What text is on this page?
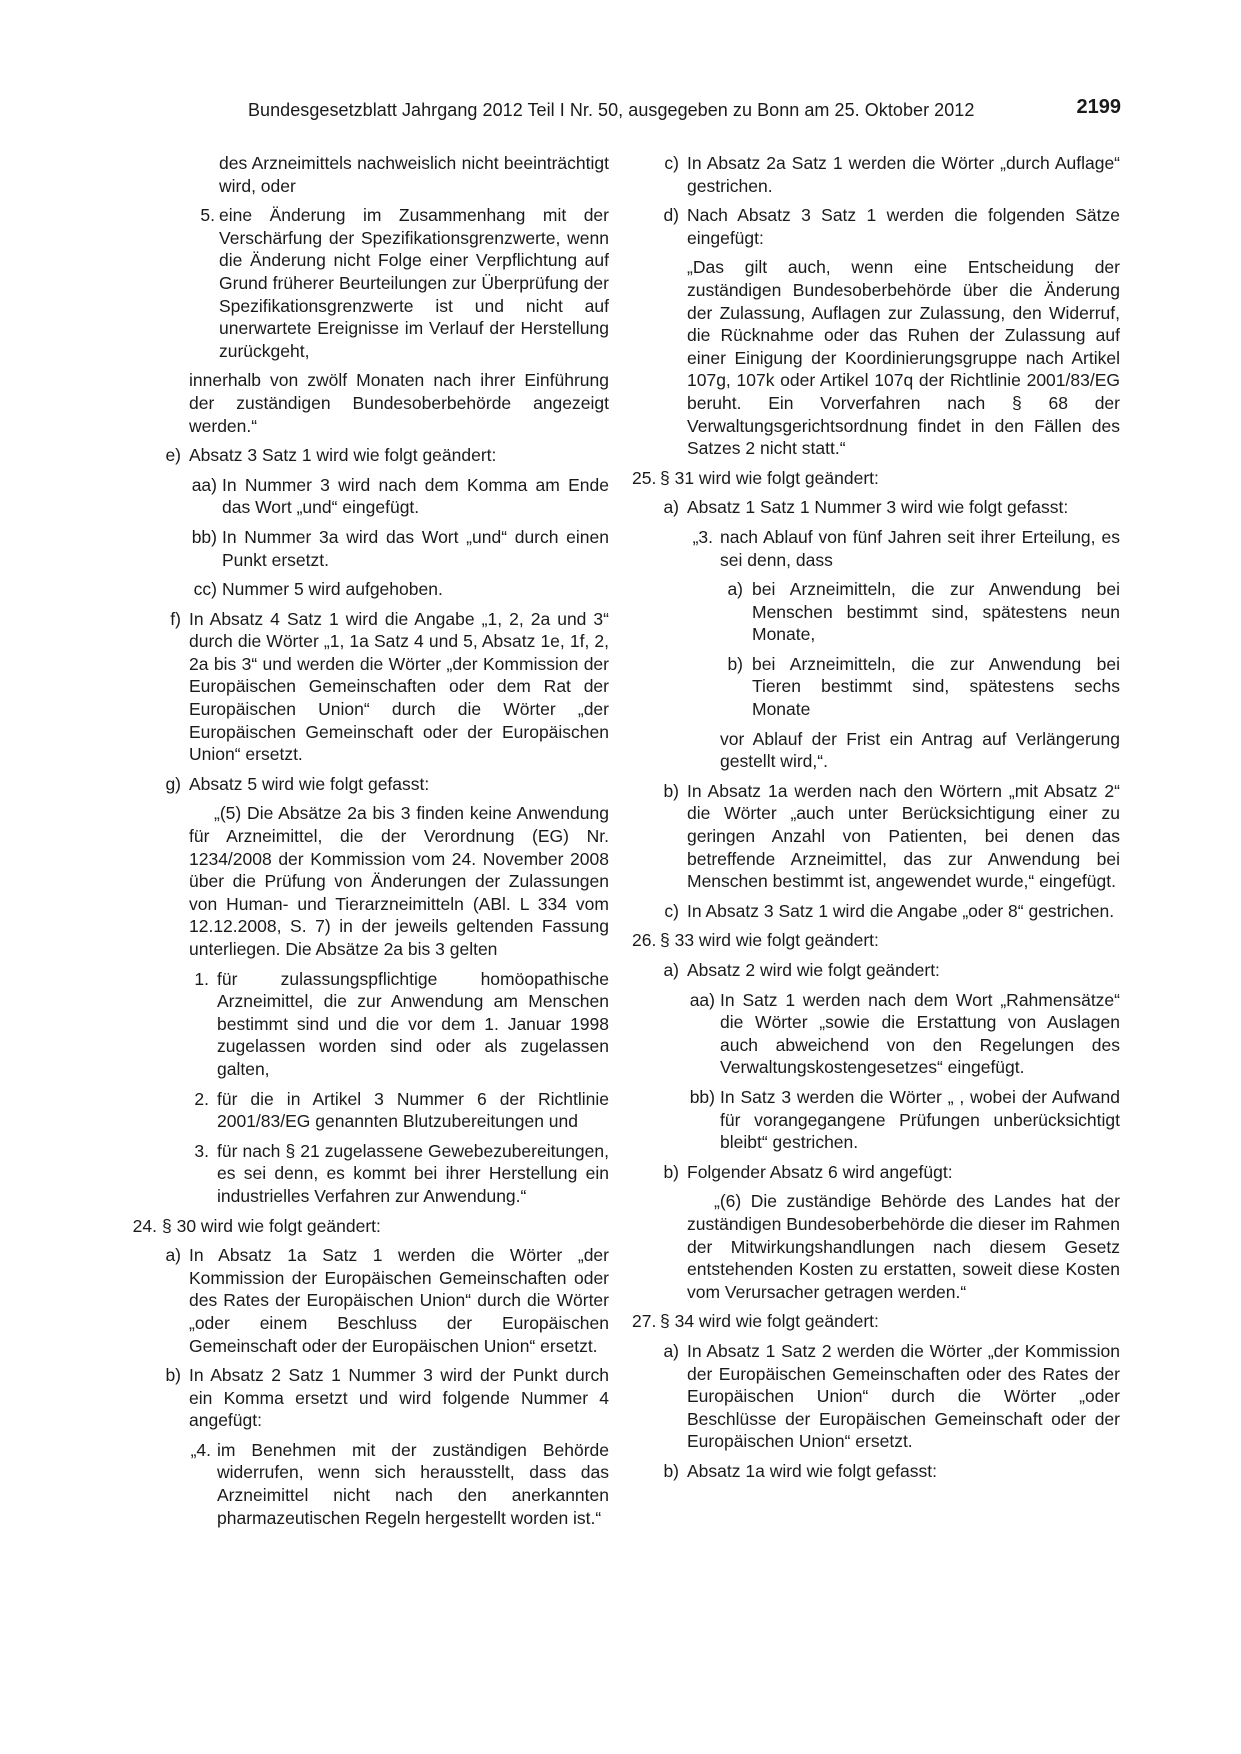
Bundesgesetzblatt Jahrgang 2012 Teil I Nr. 50, ausgegeben zu Bonn am 25. Oktober 2012	2199
des Arzneimittels nachweislich nicht beeinträchtigt wird, oder
5. eine Änderung im Zusammenhang mit der Verschärfung der Spezifikationsgrenzwerte, wenn die Änderung nicht Folge einer Verpflichtung auf Grund früherer Beurteilungen zur Überprüfung der Spezifikationsgrenzwerte ist und nicht auf unerwartete Ereignisse im Verlauf der Herstellung zurückgeht,
innerhalb von zwölf Monaten nach ihrer Einführung der zuständigen Bundesoberbehörde angezeigt werden.“
e) Absatz 3 Satz 1 wird wie folgt geändert:
aa) In Nummer 3 wird nach dem Komma am Ende das Wort „und“ eingefügt.
bb) In Nummer 3a wird das Wort „und“ durch einen Punkt ersetzt.
cc) Nummer 5 wird aufgehoben.
f) In Absatz 4 Satz 1 wird die Angabe „1, 2, 2a und 3“ durch die Wörter „1, 1a Satz 4 und 5, Absatz 1e, 1f, 2, 2a bis 3“ und werden die Wörter „der Kommission der Europäischen Gemeinschaften oder dem Rat der Europäischen Union“ durch die Wörter „der Europäischen Gemeinschaft oder der Europäischen Union“ ersetzt.
g) Absatz 5 wird wie folgt gefasst:
„(5) Die Absätze 2a bis 3 finden keine Anwendung für Arzneimittel, die der Verordnung (EG) Nr. 1234/2008 der Kommission vom 24. November 2008 über die Prüfung von Änderungen der Zulassungen von Human- und Tierarzneimitteln (ABl. L 334 vom 12.12.2008, S. 7) in der jeweils geltenden Fassung unterliegen. Die Absätze 2a bis 3 gelten
1. für zulassungspflichtige homöopathische Arzneimittel, die zur Anwendung am Menschen bestimmt sind und die vor dem 1. Januar 1998 zugelassen worden sind oder als zugelassen galten,
2. für die in Artikel 3 Nummer 6 der Richtlinie 2001/83/EG genannten Blutzubereitungen und
3. für nach § 21 zugelassene Gewebezubereitungen, es sei denn, es kommt bei ihrer Herstellung ein industrielles Verfahren zur Anwendung.“
24. § 30 wird wie folgt geändert:
a) In Absatz 1a Satz 1 werden die Wörter „der Kommission der Europäischen Gemeinschaften oder des Rates der Europäischen Union“ durch die Wörter „oder einem Beschluss der Europäischen Gemeinschaft oder der Europäischen Union“ ersetzt.
b) In Absatz 2 Satz 1 Nummer 3 wird der Punkt durch ein Komma ersetzt und wird folgende Nummer 4 angefügt:
„4. im Benehmen mit der zuständigen Behörde widerrufen, wenn sich herausstellt, dass das Arzneimittel nicht nach den anerkannten pharmazeutischen Regeln hergestellt worden ist.“
c) In Absatz 2a Satz 1 werden die Wörter „durch Auflage“ gestrichen.
d) Nach Absatz 3 Satz 1 werden die folgenden Sätze eingefügt:
„Das gilt auch, wenn eine Entscheidung der zuständigen Bundesoberbehörde über die Änderung der Zulassung, Auflagen zur Zulassung, den Widerruf, die Rücknahme oder das Ruhen der Zulassung auf einer Einigung der Koordinierungsgruppe nach Artikel 107g, 107k oder Artikel 107q der Richtlinie 2001/83/EG beruht. Ein Vorverfahren nach § 68 der Verwaltungsgerichtsordnung findet in den Fällen des Satzes 2 nicht statt.“
25. § 31 wird wie folgt geändert:
a) Absatz 1 Satz 1 Nummer 3 wird wie folgt gefasst:
„3. nach Ablauf von fünf Jahren seit ihrer Erteilung, es sei denn, dass
a) bei Arzneimitteln, die zur Anwendung bei Menschen bestimmt sind, spätestens neun Monate,
b) bei Arzneimitteln, die zur Anwendung bei Tieren bestimmt sind, spätestens sechs Monate
vor Ablauf der Frist ein Antrag auf Verlängerung gestellt wird,“.
b) In Absatz 1a werden nach den Wörtern „mit Absatz 2“ die Wörter „auch unter Berücksichtigung einer zu geringen Anzahl von Patienten, bei denen das betreffende Arzneimittel, das zur Anwendung bei Menschen bestimmt ist, angewendet wurde,“ eingefügt.
c) In Absatz 3 Satz 1 wird die Angabe „oder 8“ gestrichen.
26. § 33 wird wie folgt geändert:
a) Absatz 2 wird wie folgt geändert:
aa) In Satz 1 werden nach dem Wort „Rahmensätze“ die Wörter „sowie die Erstattung von Auslagen auch abweichend von den Regelungen des Verwaltungskostengesetzes“ eingefügt.
bb) In Satz 3 werden die Wörter „ , wobei der Aufwand für vorangegangene Prüfungen unberücksichtigt bleibt“ gestrichen.
b) Folgender Absatz 6 wird angefügt:
„(6) Die zuständige Behörde des Landes hat der zuständigen Bundesoberbehörde die dieser im Rahmen der Mitwirkungshandlungen nach diesem Gesetz entstehenden Kosten zu erstatten, soweit diese Kosten vom Verursacher getragen werden.“
27. § 34 wird wie folgt geändert:
a) In Absatz 1 Satz 2 werden die Wörter „der Kommission der Europäischen Gemeinschaften oder des Rates der Europäischen Union“ durch die Wörter „oder Beschlüsse der Europäischen Gemeinschaft oder der Europäischen Union“ ersetzt.
b) Absatz 1a wird wie folgt gefasst:
